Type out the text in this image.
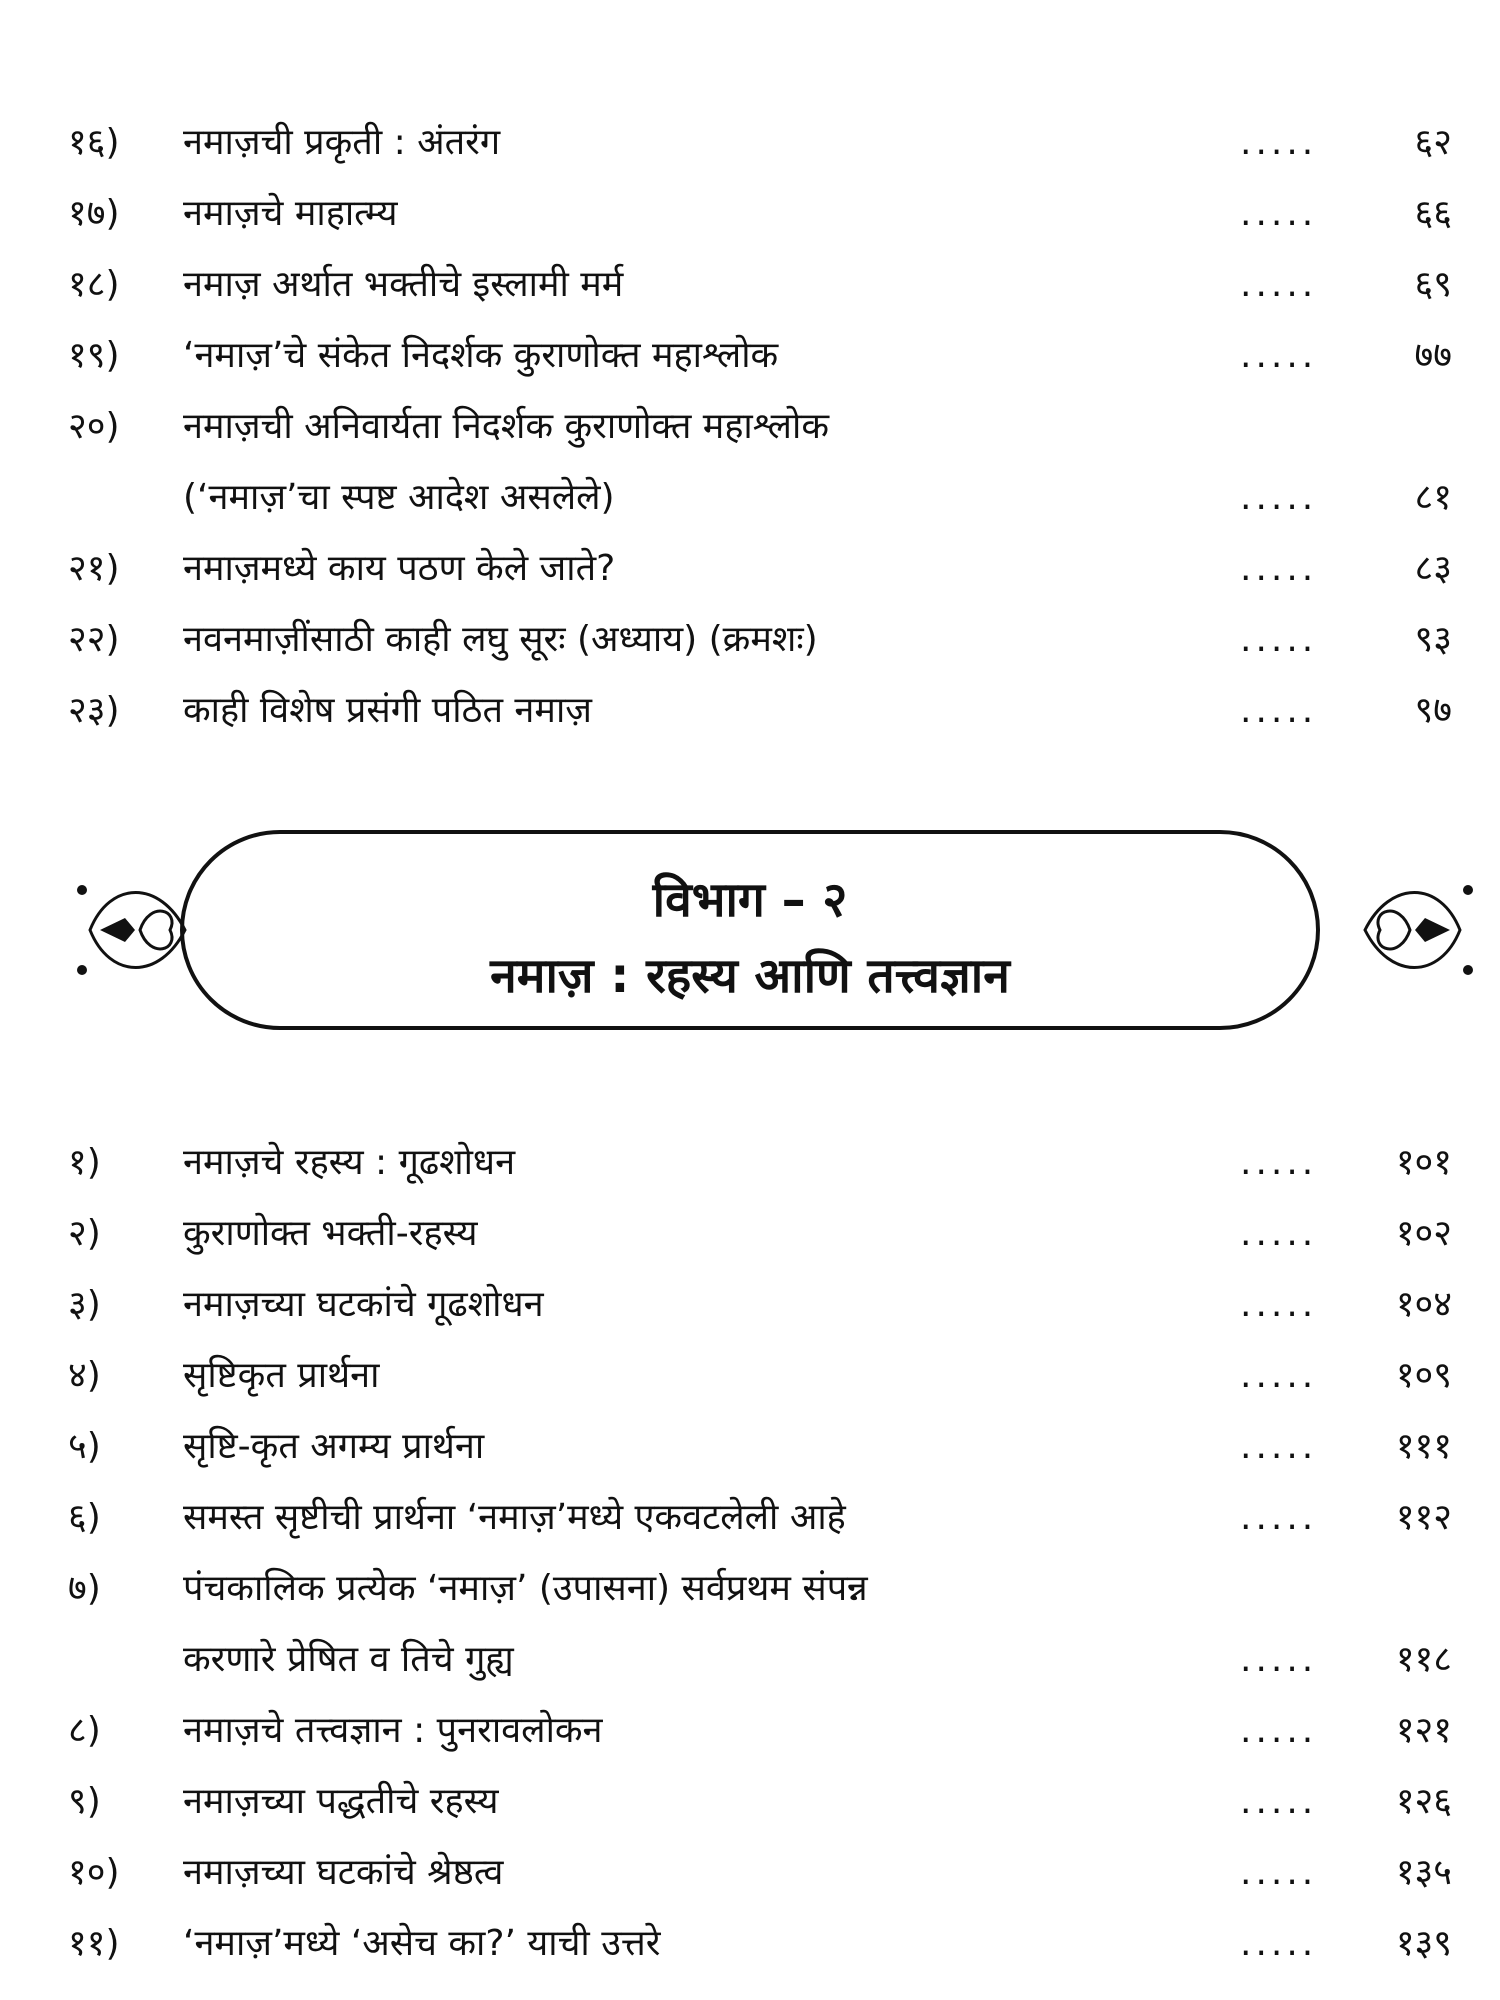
१६) नमाज़ची प्रकृती : अंतरंग	.....	६२
१७) नमाज़चे माहात्म्य	.....	६६
१८) नमाज़ अर्थात भक्तीचे इस्लामी मर्म	.....	६९
१९) ‘नमाज़’चे संकेत निदर्शक कुराणोक्त महाश्लोक	.....	७७
२०) नमाज़ची अनिवार्यता निदर्शक कुराणोक्त महाश्लोक
(‘नमाज़’चा स्पष्ट आदेश असलेले)	.....	८१
२१) नमाज़मध्ये काय पठण केले जाते?	.....	८३
२२) नवनमाज़ींसाठी काही लघु सूरः (अध्याय) (क्रमशः)	.....	९३
२३) काही विशेष प्रसंगी पठित नमाज़	.....	९७
विभाग – २
नमाज़ : रहस्य आणि तत्त्वज्ञान
१) नमाज़चे रहस्य : गूढशोधन	.....	१०१
२) कुराणोक्त भक्ती-रहस्य	.....	१०२
३) नमाज़च्या घटकांचे गूढशोधन	.....	१०४
४) सृष्टिकृत प्रार्थना	.....	१०९
५) सृष्टि-कृत अगम्य प्रार्थना	.....	१११
६) समस्त सृष्टीची प्रार्थना ‘नमाज़’मध्ये एकवटलेली आहे	.....	११२
७) पंचकालिक प्रत्येक ‘नमाज़’ (उपासना) सर्वप्रथम संपन्न
करणारे प्रेषित व तिचे गुह्य	.....	११८
८) नमाज़चे तत्त्वज्ञान : पुनरावलोकन	.....	१२१
९) नमाज़च्या पद्धतीचे रहस्य	.....	१२६
१०) नमाज़च्या घटकांचे श्रेष्ठत्व	.....	१३५
११) ‘नमाज़’मध्ये ‘असेच का?’ याची उत्तरे	.....	१३९
